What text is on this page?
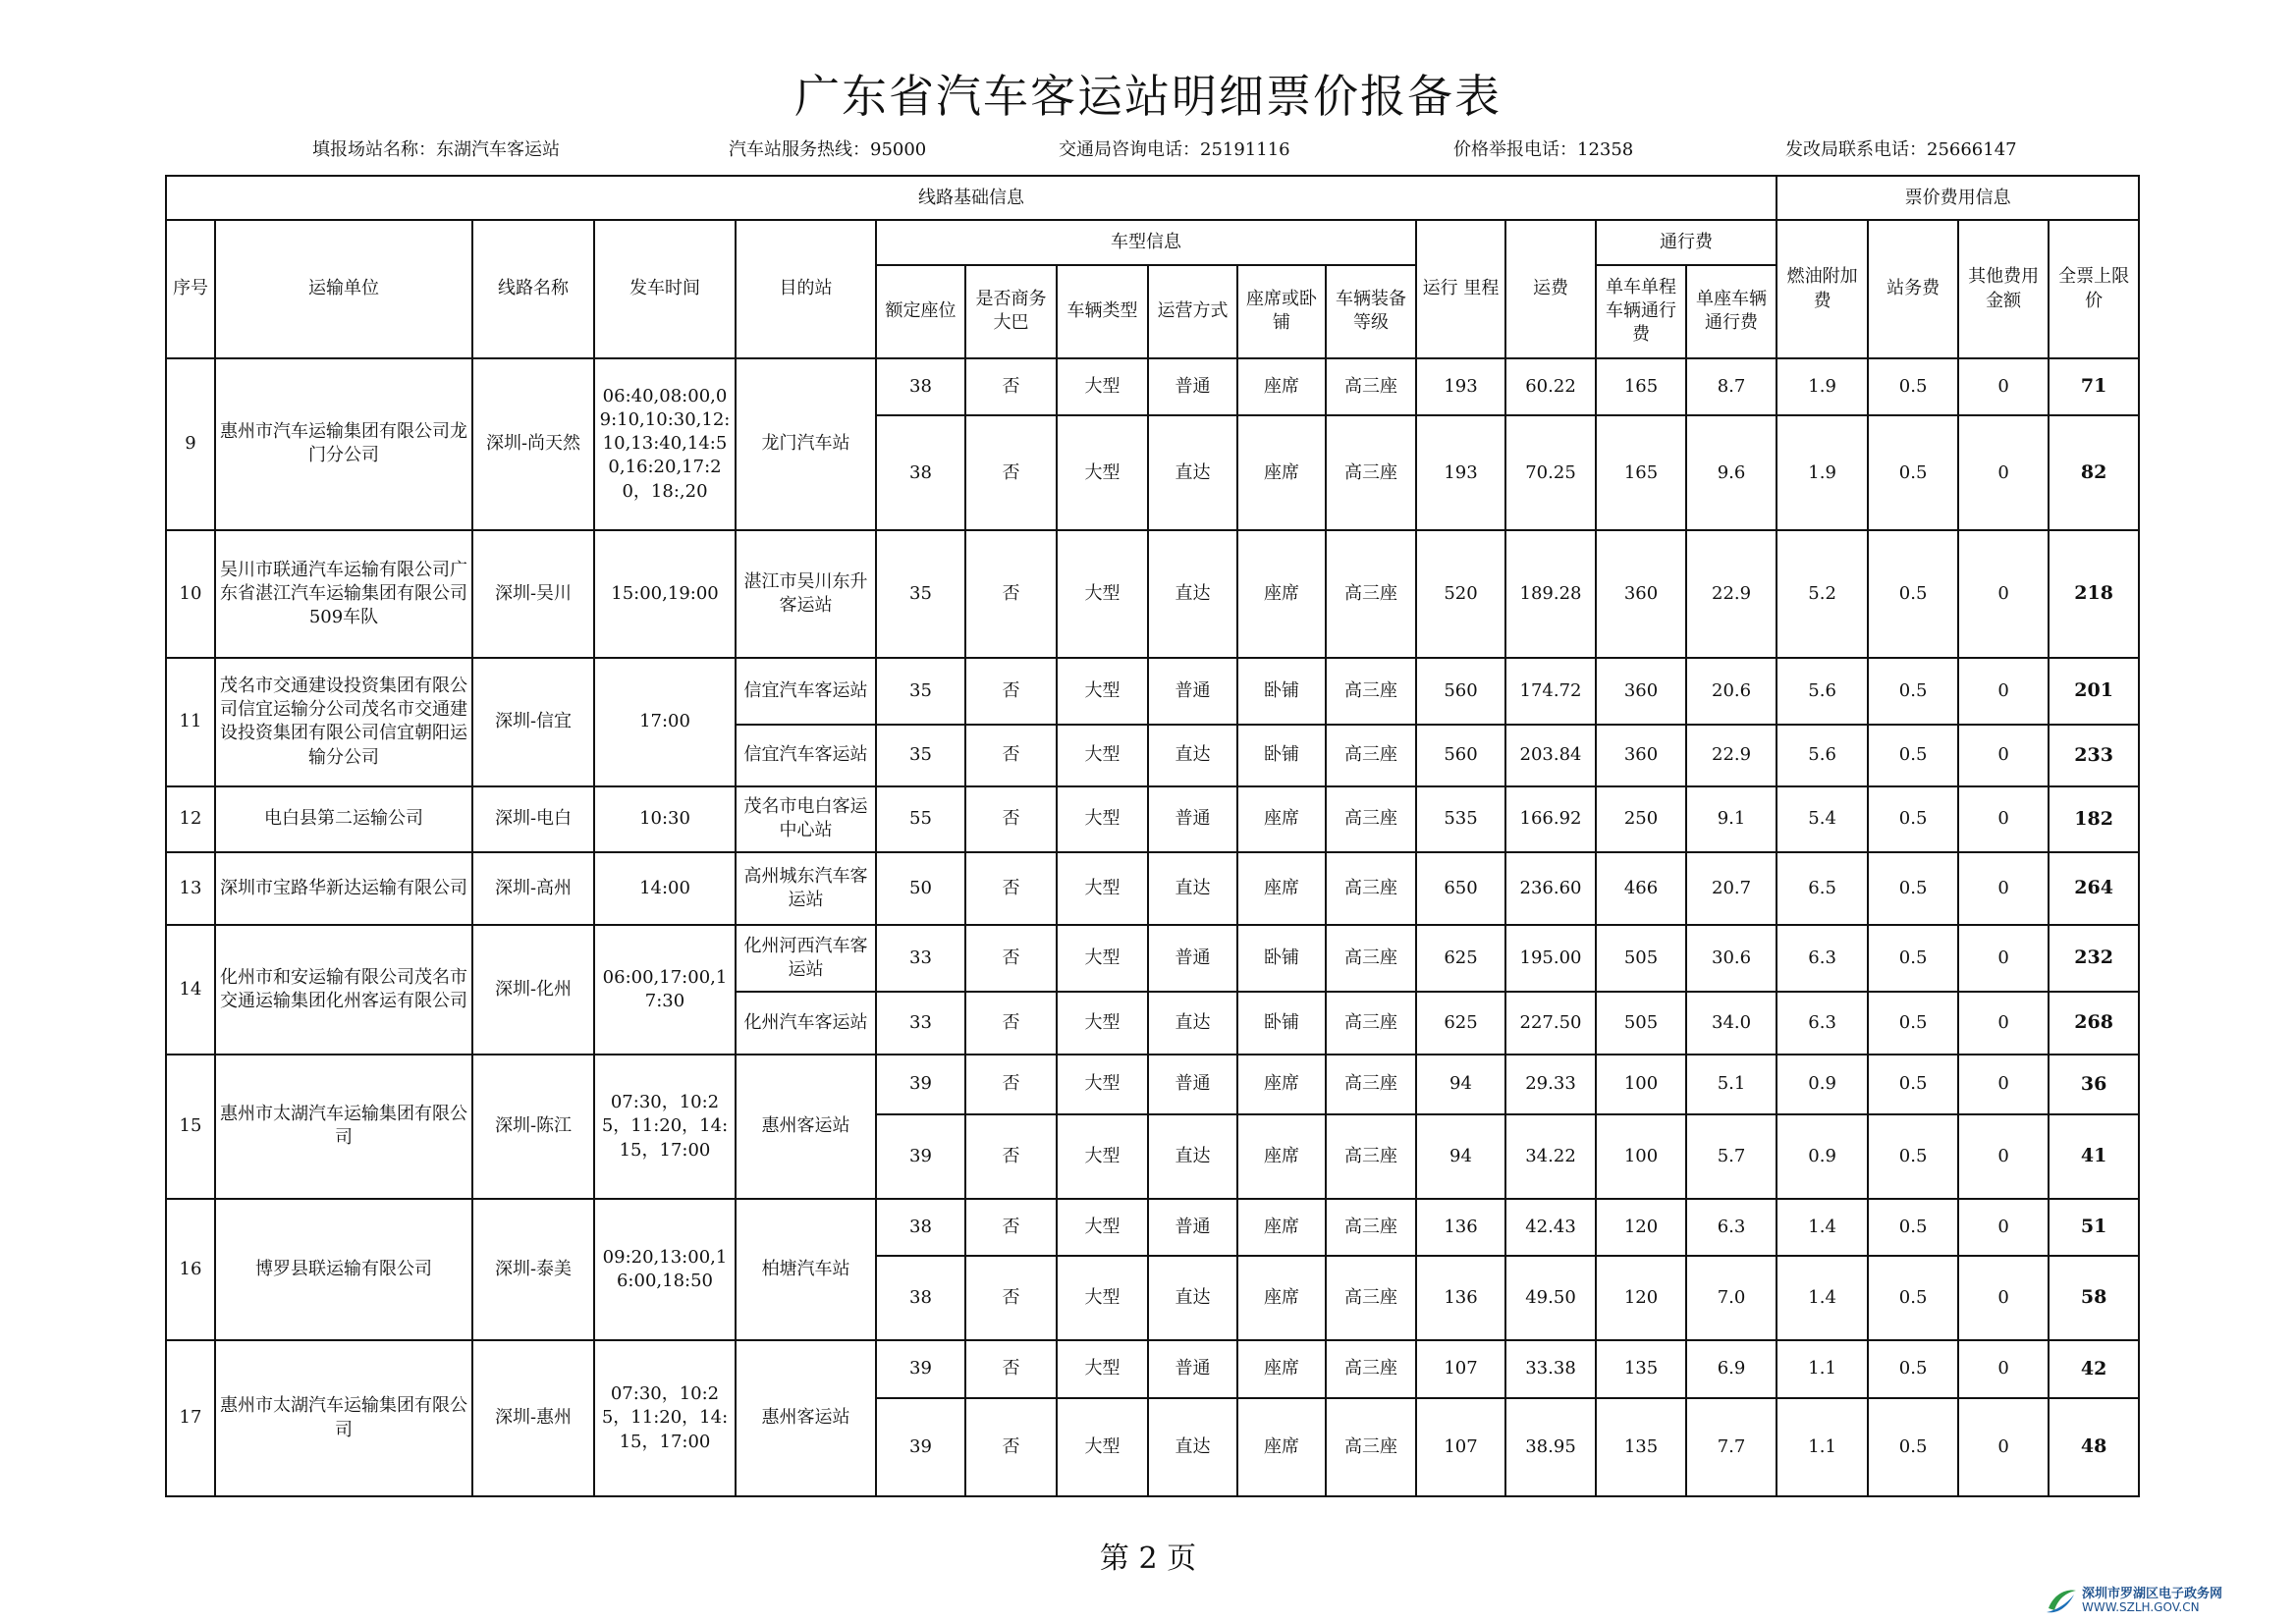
广东省汽车客运站明细票价报备表
填报场站名称：东湖汽车客运站	汽车站服务热线：95000	交通局咨询电话：25191116	价格举报电话：12358	发改局联系电话：25666147
线路基础信息															票价费用信息			
序号	运输单位	线路名称	发车时间	目的站	车型信息						运行 里程	运费	通行费		燃油附加费	站务费	其他费用金额	全票上限价
					额定座位	是否商务大巴	车辆类型	运营方式	座席或卧铺	车辆装备等级			单车单程车辆通行费	单座车辆通行费				
9	惠州市汽车运输集团有限公司龙门分公司	深圳-尚天然	06:40,08:00,09:10,10:30,12:10,13:40,14:50,16:20,17:20，18:,20	龙门汽车站	38	否	大型	普通	座席	高三座	193	60.22	165	8.7	1.9	0.5	0	71
					38	否	大型	直达	座席	高三座	193	70.25	165	9.6	1.9	0.5	0	82
10	吴川市联通汽车运输有限公司广东省湛江汽车运输集团有限公司509车队	深圳-吴川	15:00,19:00	湛江市吴川东升客运站	35	否	大型	直达	座席	高三座	520	189.28	360	22.9	5.2	0.5	0	218
11	茂名市交通建设投资集团有限公司信宜运输分公司茂名市交通建设投资集团有限公司信宜朝阳运输分公司	深圳-信宜	17:00	信宜汽车客运站	35	否	大型	普通	卧铺	高三座	560	174.72	360	20.6	5.6	0.5	0	201
				信宜汽车客运站	35	否	大型	直达	卧铺	高三座	560	203.84	360	22.9	5.6	0.5	0	233
12	电白县第二运输公司	深圳-电白	10:30	茂名市电白客运中心站	55	否	大型	普通	座席	高三座	535	166.92	250	9.1	5.4	0.5	0	182
13	深圳市宝路华新达运输有限公司	深圳-高州	14:00	高州城东汽车客运站	50	否	大型	直达	座席	高三座	650	236.60	466	20.7	6.5	0.5	0	264
14	化州市和安运输有限公司茂名市交通运输集团化州客运有限公司	深圳-化州	06:00,17:00,17:30	化州河西汽车客运站	33	否	大型	普通	卧铺	高三座	625	195.00	505	30.6	6.3	0.5	0	232
				化州汽车客运站	33	否	大型	直达	卧铺	高三座	625	227.50	505	34.0	6.3	0.5	0	268
15	惠州市太湖汽车运输集团有限公司	深圳-陈江	07:30，10:25，11:20，14:15，17:00	惠州客运站	39	否	大型	普通	座席	高三座	94	29.33	100	5.1	0.9	0.5	0	36
					39	否	大型	直达	座席	高三座	94	34.22	100	5.7	0.9	0.5	0	41
16	博罗县联运输有限公司	深圳-泰美	09:20,13:00,16:00,18:50	柏塘汽车站	38	否	大型	普通	座席	高三座	136	42.43	120	6.3	1.4	0.5	0	51
					38	否	大型	直达	座席	高三座	136	49.50	120	7.0	1.4	0.5	0	58
17	惠州市太湖汽车运输集团有限公司	深圳-惠州	07:30，10:25，11:20，14:15，17:00	惠州客运站	39	否	大型	普通	座席	高三座	107	33.38	135	6.9	1.1	0.5	0	42
					39	否	大型	直达	座席	高三座	107	38.95	135	7.7	1.1	0.5	0	48
第 2 页
深圳市罗湖区电子政务网
WWW.SZLH.GOV.CN
